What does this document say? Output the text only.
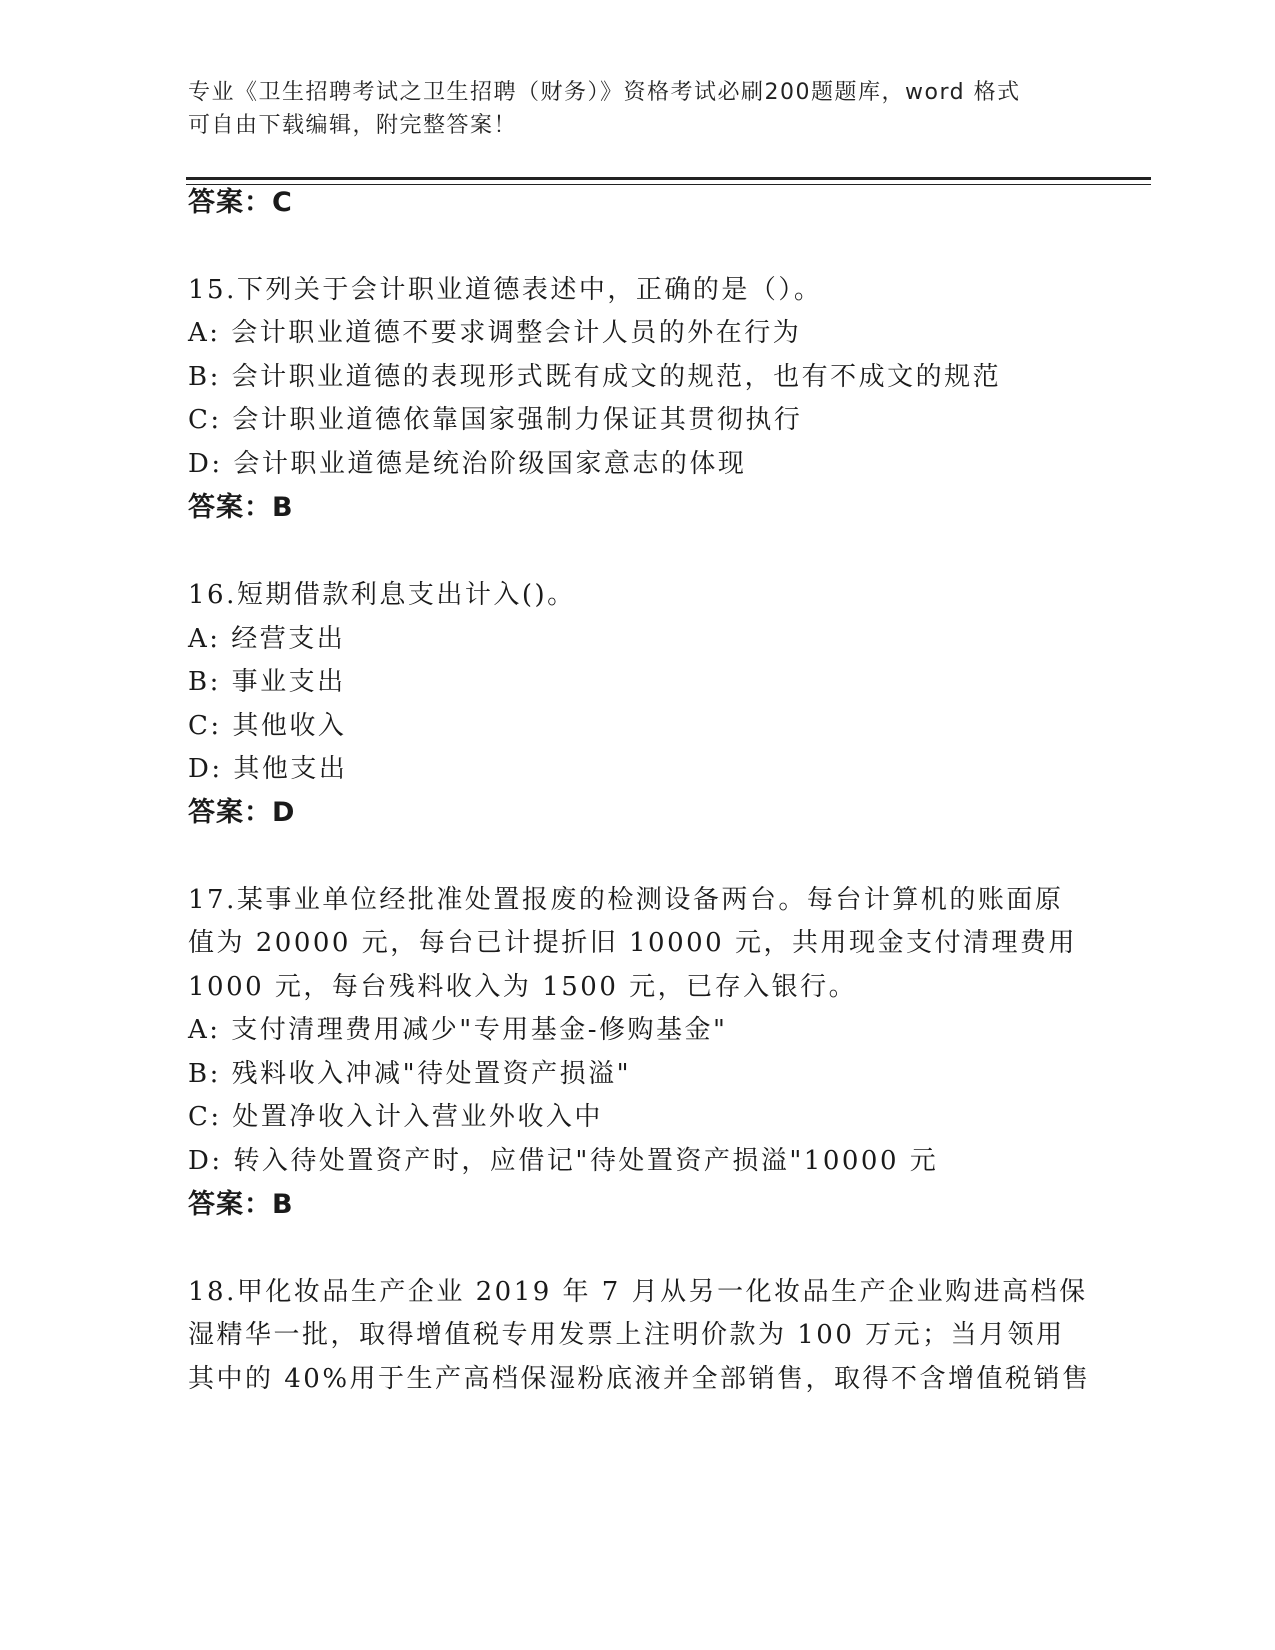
专业《卫生招聘考试之卫生招聘（财务）》资格考试必刷200题题库，word 格式
可自由下载编辑，附完整答案！
答案：C
15.下列关于会计职业道德表述中，正确的是（）。
A: 会计职业道德不要求调整会计人员的外在行为
B: 会计职业道德的表现形式既有成文的规范，也有不成文的规范
C: 会计职业道德依靠国家强制力保证其贯彻执行
D: 会计职业道德是统治阶级国家意志的体现
答案：B
16.短期借款利息支出计入()。
A: 经营支出
B: 事业支出
C: 其他收入
D: 其他支出
答案：D
17.某事业单位经批准处置报废的检测设备两台。每台计算机的账面原
值为 20000 元，每台已计提折旧 10000 元，共用现金支付清理费用
1000 元，每台残料收入为 1500 元，已存入银行。
A: 支付清理费用减少"专用基金-修购基金"
B: 残料收入冲减"待处置资产损溢"
C: 处置净收入计入营业外收入中
D: 转入待处置资产时，应借记"待处置资产损溢"10000 元
答案：B
18.甲化妆品生产企业 2019 年 7 月从另一化妆品生产企业购进高档保
湿精华一批，取得增值税专用发票上注明价款为 100 万元；当月领用
其中的 40%用于生产高档保湿粉底液并全部销售，取得不含增值税销售
